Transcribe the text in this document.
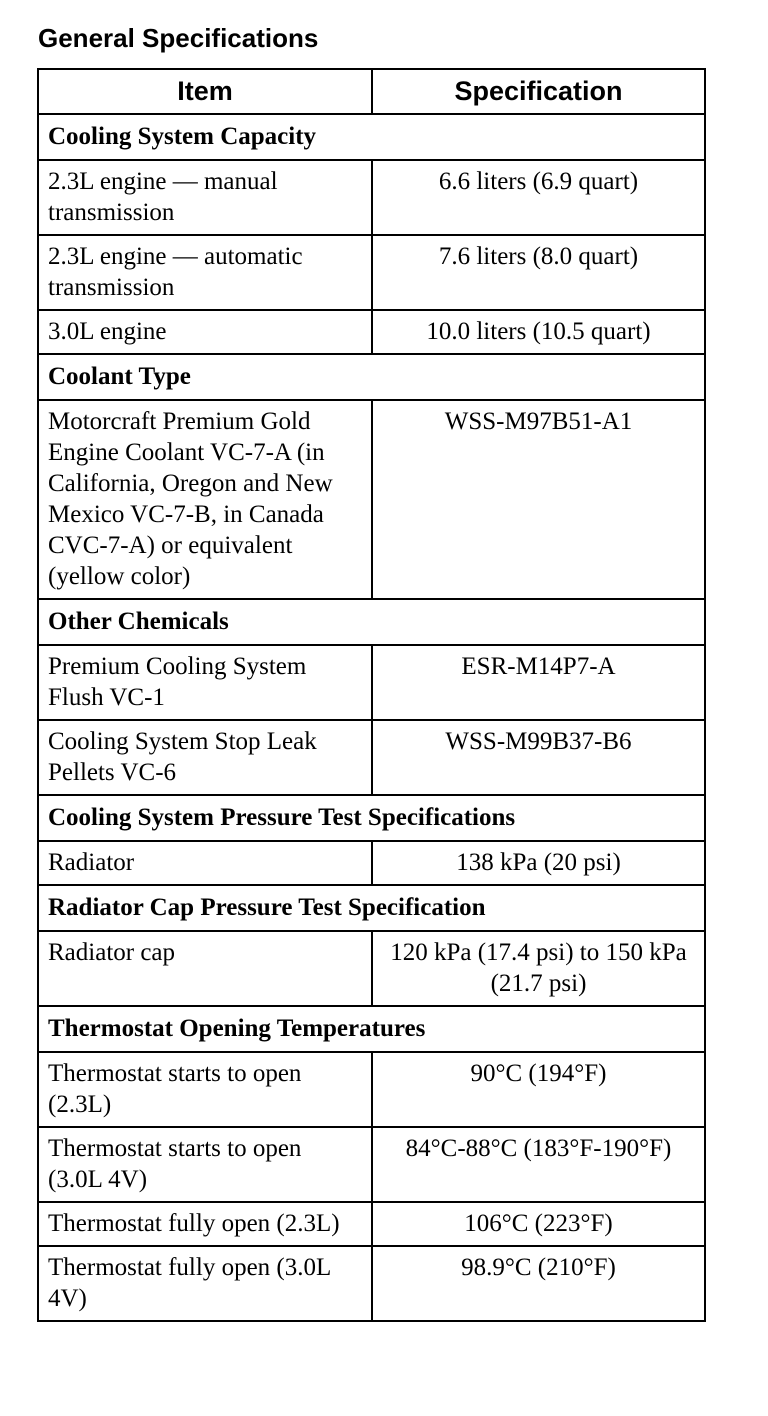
General Specifications
Item	Specification
Cooling System Capacity	
2.3L engine — manual transmission	6.6 liters (6.9 quart)
2.3L engine — automatic transmission	7.6 liters (8.0 quart)
3.0L engine	10.0 liters (10.5 quart)
Coolant Type	
Motorcraft Premium Gold Engine Coolant VC-7-A (in California, Oregon and New Mexico VC-7-B, in Canada CVC-7-A) or equivalent (yellow color)	WSS-M97B51-A1
Other Chemicals	
Premium Cooling System Flush VC-1	ESR-M14P7-A
Cooling System Stop Leak Pellets VC-6	WSS-M99B37-B6
Cooling System Pressure Test Specifications	
Radiator	138 kPa (20 psi)
Radiator Cap Pressure Test Specification	
Radiator cap	120 kPa (17.4 psi) to 150 kPa (21.7 psi)
Thermostat Opening Temperatures	
Thermostat starts to open (2.3L)	90°C (194°F)
Thermostat starts to open (3.0L 4V)	84°C-88°C (183°F-190°F)
Thermostat fully open (2.3L)	106°C (223°F)
Thermostat fully open (3.0L 4V)	98.9°C (210°F)
